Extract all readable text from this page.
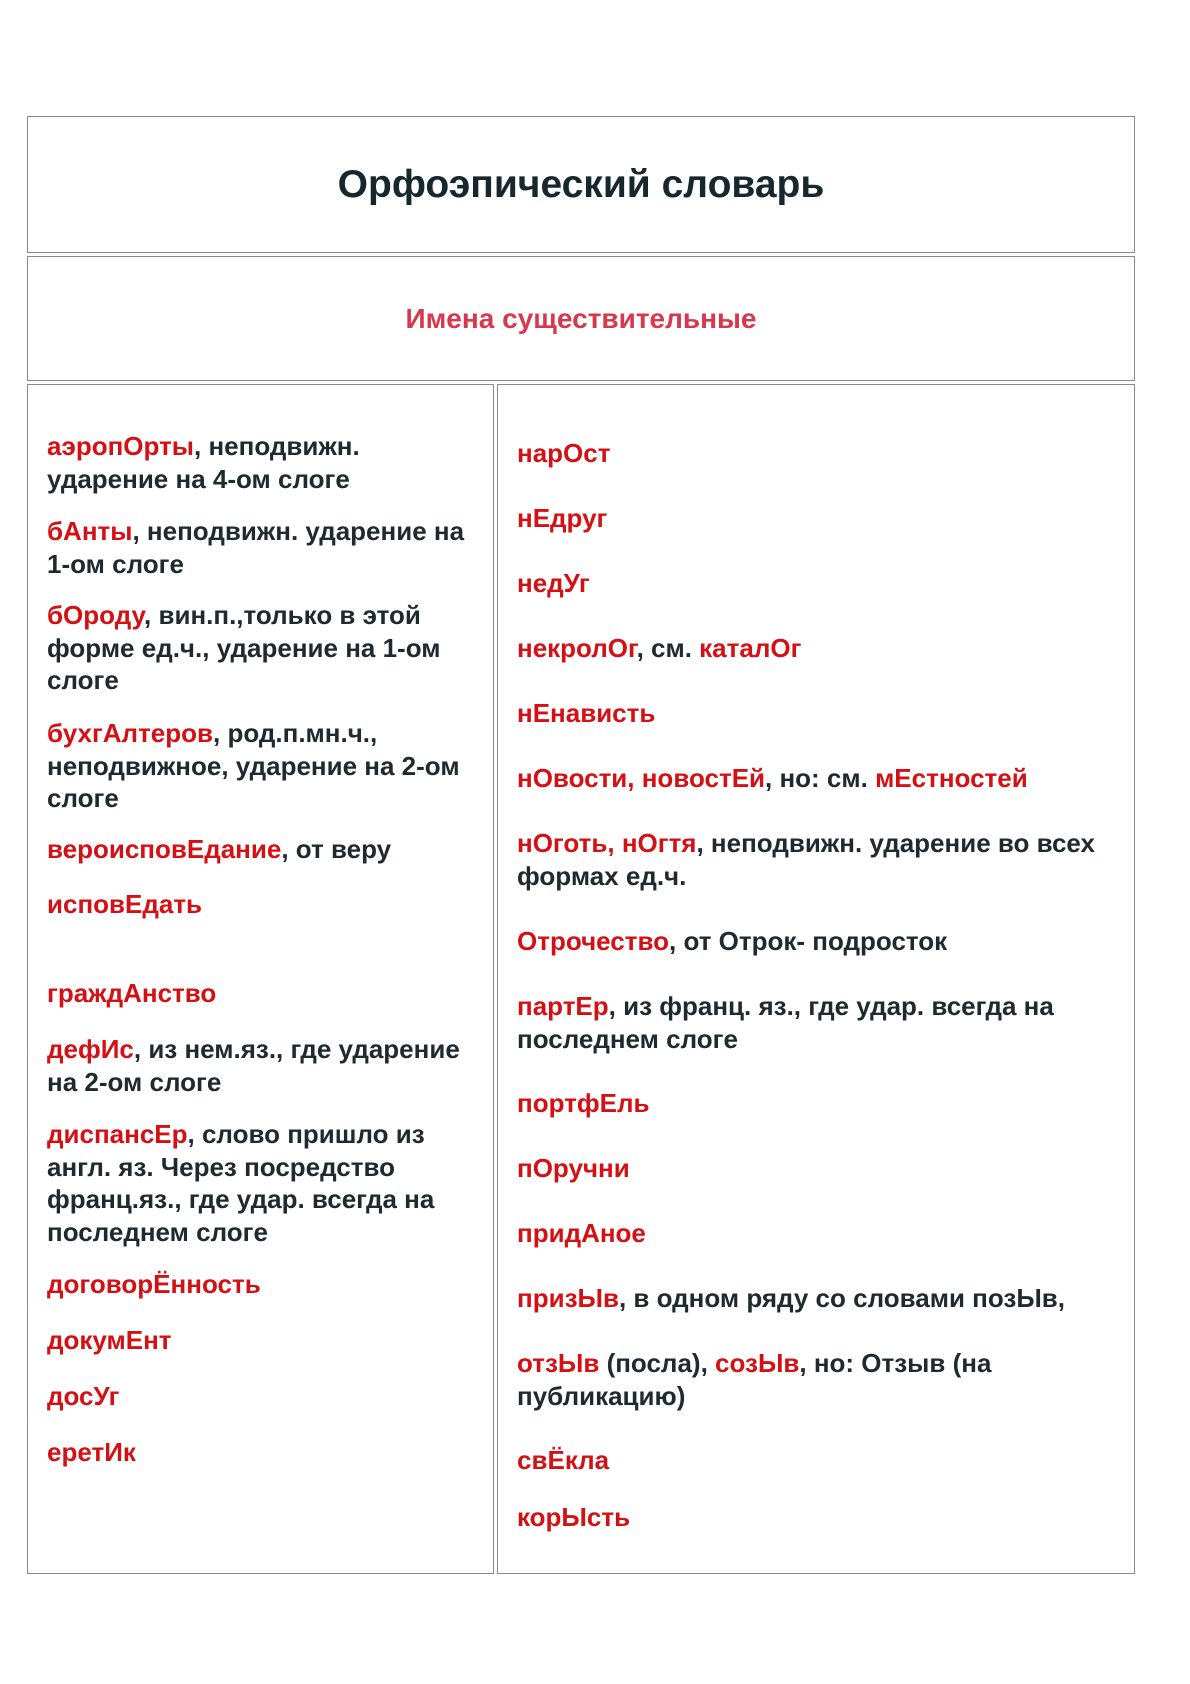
Орфоэпический словарь
Имена существительные
аэропОрты, неподвижн. ударение на 4-ом слоге
бАнты, неподвижн. ударение на 1-ом слоге
бОроду, вин.п.,только в этой форме ед.ч., ударение на 1-ом слоге
бухгАлтеров, род.п.мн.ч., неподвижное, ударение на 2-ом слоге
вероисповЕдание, от веру
исповЕдать
граждАнство
дефИс, из нем.яз., где ударение на 2-ом слоге
диспансЕр, слово пришло из англ. яз. Через посредство франц.яз., где удар. всегда на последнем слоге
договорЁнность
докумЕнт
досУг
еретИк
нарОст
нЕдруг
недУг
некролОг, см. каталОг
нЕнависть
нОвости, новостЕй, но: см. мЕстностей
нОготь, нОгтя, неподвижн. ударение во всех формах ед.ч.
Отрочество, от Отрок- подросток
партЕр, из франц. яз., где удар. всегда на последнем слоге
портфЕль
пОручни
придАное
призЫв, в одном ряду со словами позЫв,
отзЫв (посла), созЫв, но: Отзыв (на публикацию)
свЁкла
корЫсть
